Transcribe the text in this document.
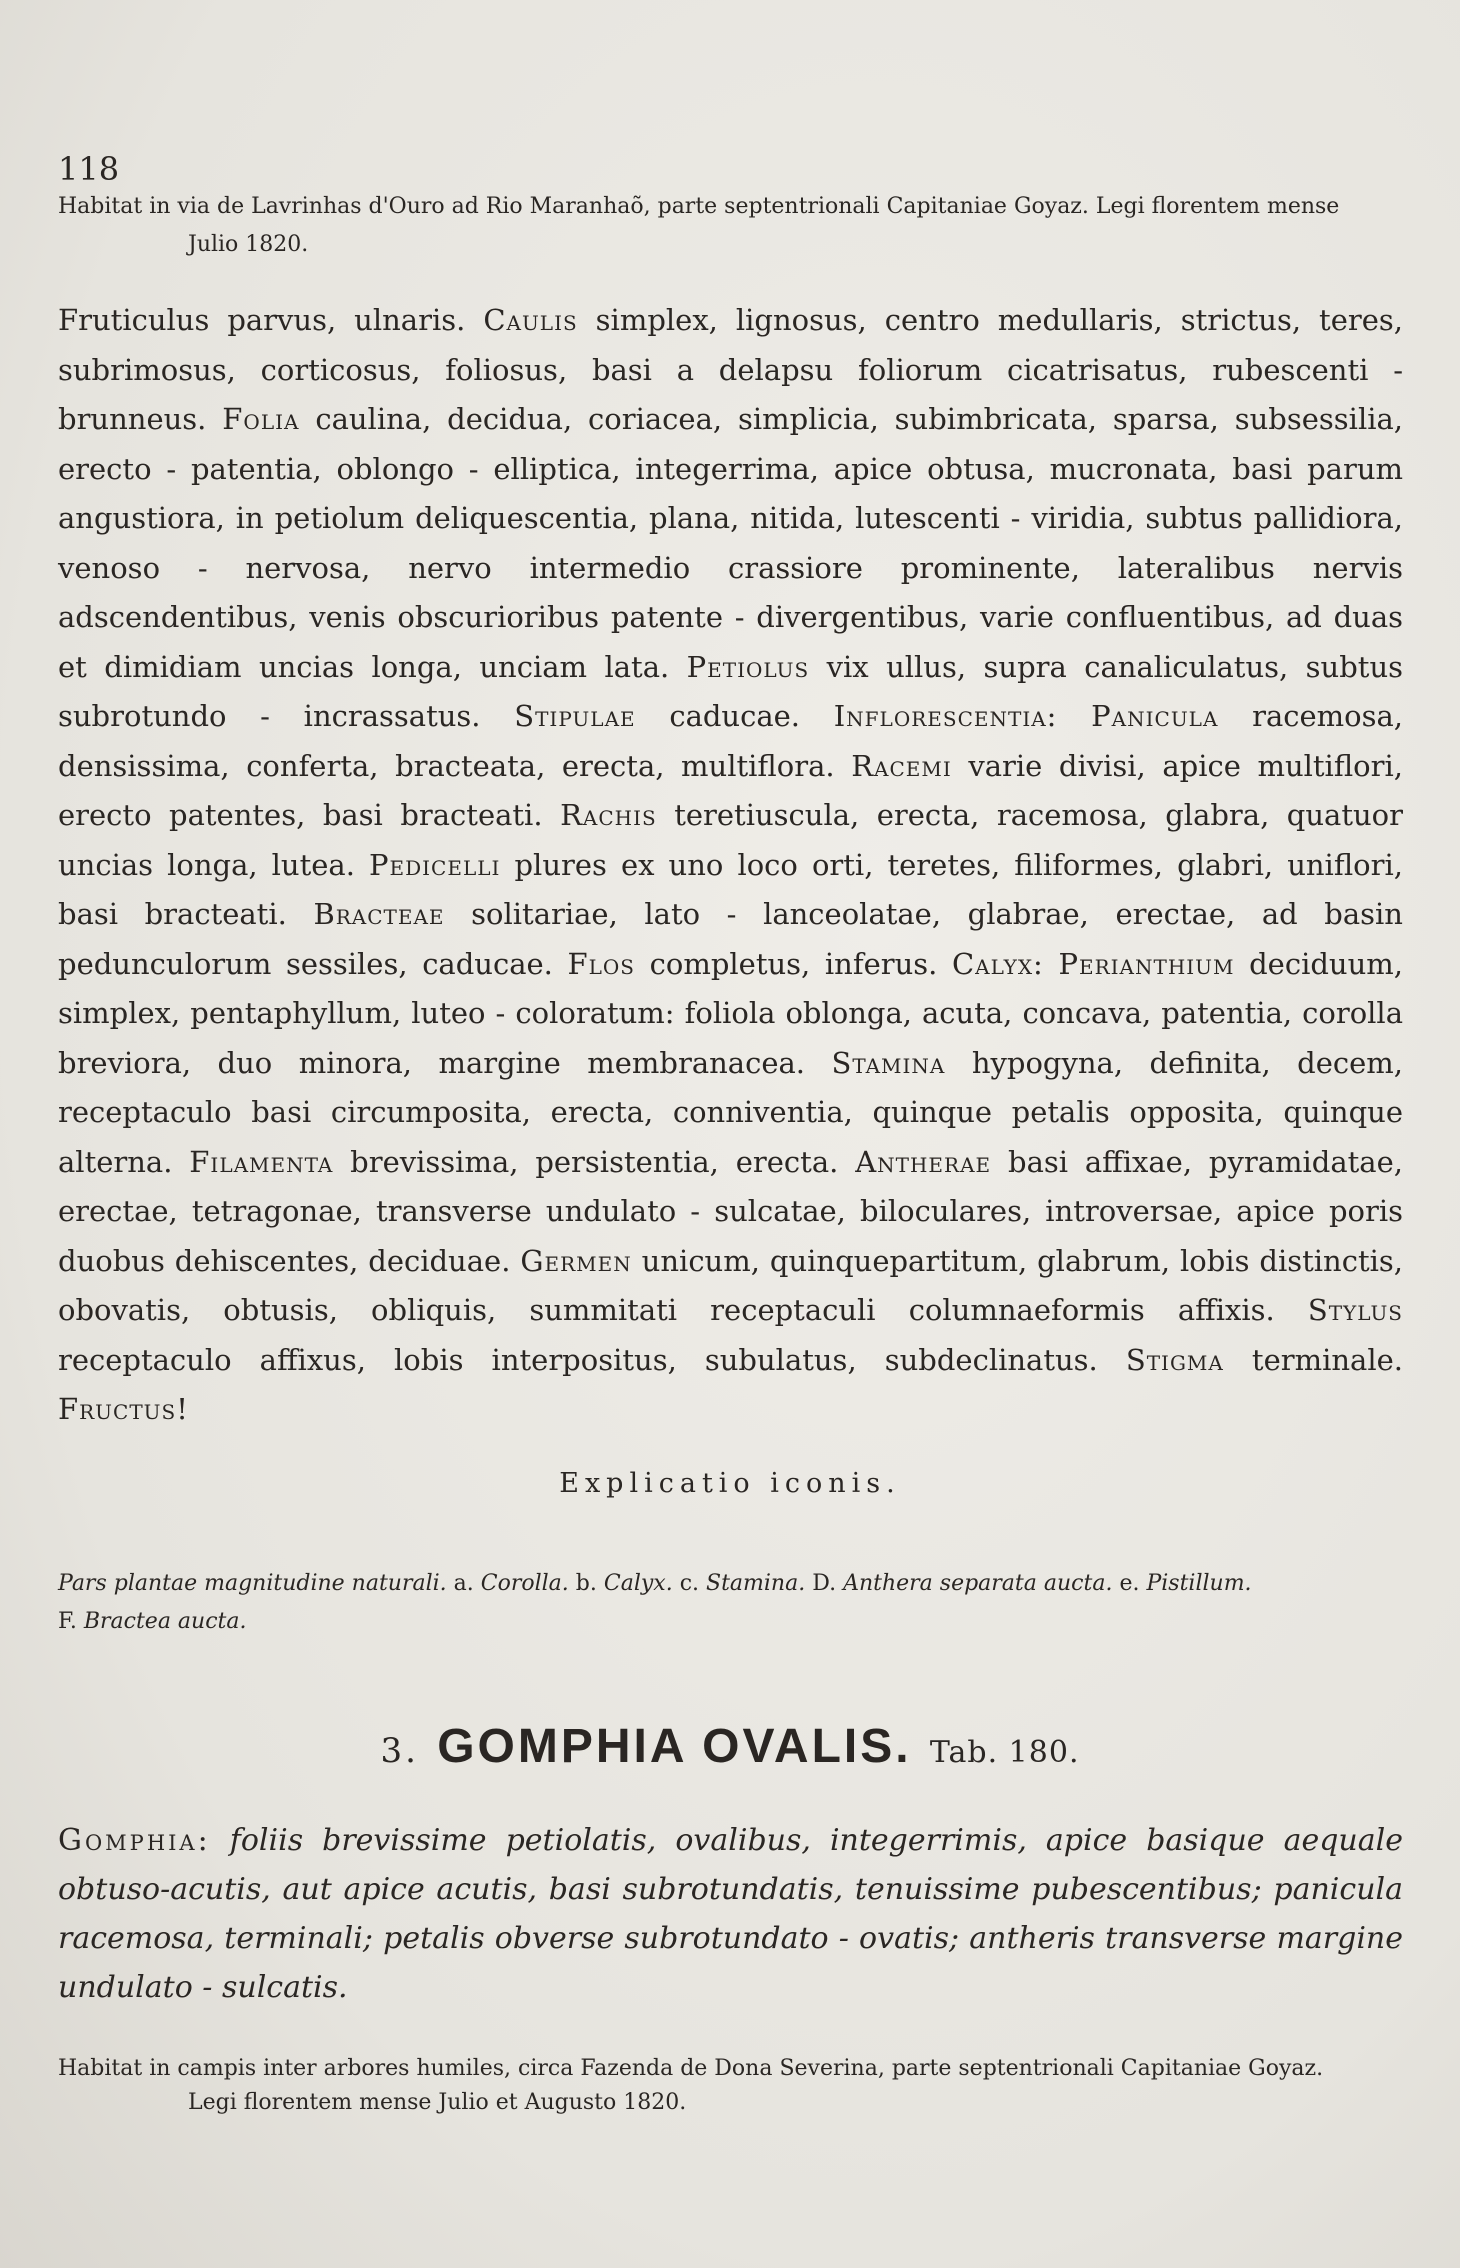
118
Habitat in via de Lavrinhas d'Ouro ad Rio Maranhaõ, parte septentrionali Capitaniae Goyaz. Legi florentem mense
Julio 1820.
Fruticulus parvus, ulnaris. Caulis simplex, lignosus, centro medullaris, strictus, teres, subrimosus, corticosus, foliosus, basi a delapsu foliorum cicatrisatus, rubescenti - brunneus. Folia caulina, decidua, coriacea, simplicia, subimbricata, sparsa, subsessilia, erecto - patentia, oblongo - elliptica, integerrima, apice obtusa, mucronata, basi parum angustiora, in petiolum deliquescentia, plana, nitida, lutescenti - viridia, subtus pallidiora, venoso - nervosa, nervo intermedio crassiore prominente, lateralibus nervis adscendentibus, venis obscurioribus patente - divergentibus, varie confluentibus, ad duas et dimidiam uncias longa, unciam lata. Petiolus vix ullus, supra canaliculatus, subtus subrotundo - incrassatus. Stipulae caducae. Inflorescentia: Panicula racemosa, densissima, conferta, bracteata, erecta, multiflora. Racemi varie divisi, apice multiflori, erecto patentes, basi bracteati. Rachis teretiuscula, erecta, racemosa, glabra, quatuor uncias longa, lutea. Pedicelli plures ex uno loco orti, teretes, filiformes, glabri, uniflori, basi bracteati. Bracteae solitariae, lato - lanceolatae, glabrae, erectae, ad basin pedunculorum sessiles, caducae. Flos completus, inferus. Calyx: Perianthium deciduum, simplex, pentaphyllum, luteo - coloratum: foliola oblonga, acuta, concava, patentia, corolla breviora, duo minora, margine membranacea. Stamina hypogyna, definita, decem, receptaculo basi circumposita, erecta, conniventia, quinque petalis opposita, quinque alterna. Filamenta brevissima, persistentia, erecta. Antherae basi affixae, pyramidatae, erectae, tetragonae, transverse undulato - sulcatae, biloculares, introversae, apice poris duobus dehiscentes, deciduae. Germen unicum, quinquepartitum, glabrum, lobis distinctis, obovatis, obtusis, obliquis, summitati receptaculi columnaeformis affixis. Stylus receptaculo affixus, lobis interpositus, subulatus, subdeclinatus. Stigma terminale. Fructus!
Explicatio iconis.
Pars plantae magnitudine naturali. a. Corolla. b. Calyx. c. Stamina. D. Anthera separata aucta. e. Pistillum.
F. Bractea aucta.
3. GOMPHIA OVALIS. Tab. 180.
Gomphia: foliis brevissime petiolatis, ovalibus, integerrimis, apice basique aequale obtuso-acutis, aut apice acutis, basi subrotundatis, tenuissime pubescentibus; panicula racemosa, terminali; petalis obverse subrotundato - ovatis; antheris transverse margine undulato - sulcatis.
Habitat in campis inter arbores humiles, circa Fazenda de Dona Severina, parte septentrionali Capitaniae Goyaz.
Legi florentem mense Julio et Augusto 1820.
